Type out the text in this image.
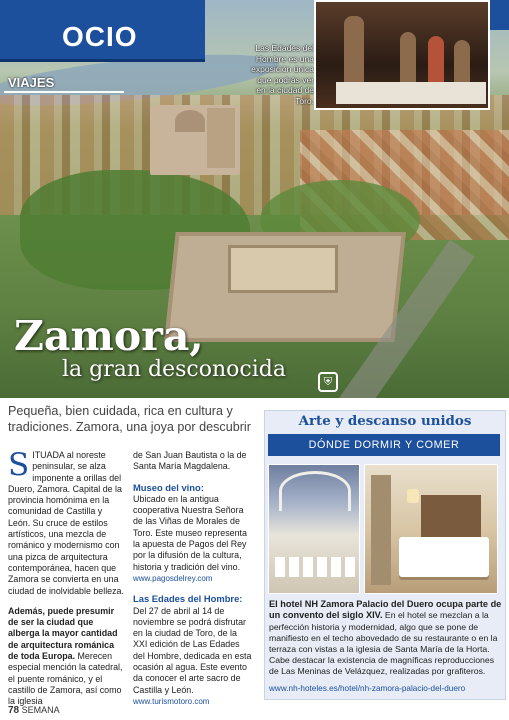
OCIO
VIAJES
Las Edades del Hombre es una exposición única que podrás ver en la ciudad de Toro.
Zamora,
la gran desconocida	⛨
Pequeña, bien cuidada, rica en cultura y tradiciones. Zamora, una joya por descubrir

SITUADA al noreste peninsular, se alza imponente a orillas del Duero, Zamora. Capital de la provincia homónima en la comunidad de Castilla y León. Su cruce de estilos artísticos, una mezcla de románico y modernismo con una pizca de arquitectura contemporánea, hacen que Zamora se convierta en una ciudad de inolvidable belleza.

Además, puede presumir de ser la ciudad que alberga la mayor cantidad de arquitectura románica de toda Europa. Merecen especial mención la catedral, el puente románico, y el castillo de Zamora, así como la iglesia

de San Juan Bautista o la de Santa María Magdalena.

Museo del vino:
Ubicado en la antigua cooperativa Nuestra Señora de las Viñas de Morales de Toro. Este museo representa la apuesta de Pagos del Rey por la difusión de la cultura, historia y tradición del vino.
www.pagosdelrey.com

Las Edades del Hombre:
Del 27 de abril al 14 de noviembre se podrá disfrutar en la ciudad de Toro, de la XXI edición de Las Edades del Hombre, dedicada en esta ocasión al agua. Este evento da conocer el arte sacro de Castilla y León.
www.turismotoro.com

Arte y descanso unidos
DÓNDE DORMIR Y COMER
El hotel NH Zamora Palacio del Duero ocupa parte de un convento del siglo XIV. En el hotel se mezclan a la perfección historia y modernidad, algo que se pone de manifiesto en el techo abovedado de su restaurante o en la terraza con vistas a la iglesia de Santa María de la Horta. Cabe destacar la existencia de magníficas reproducciones de Las Meninas de Velázquez, realizadas por grafiteros.
www.nh-hoteles.es/hotel/nh-zamora-palacio-del-duero
78 SEMANA
